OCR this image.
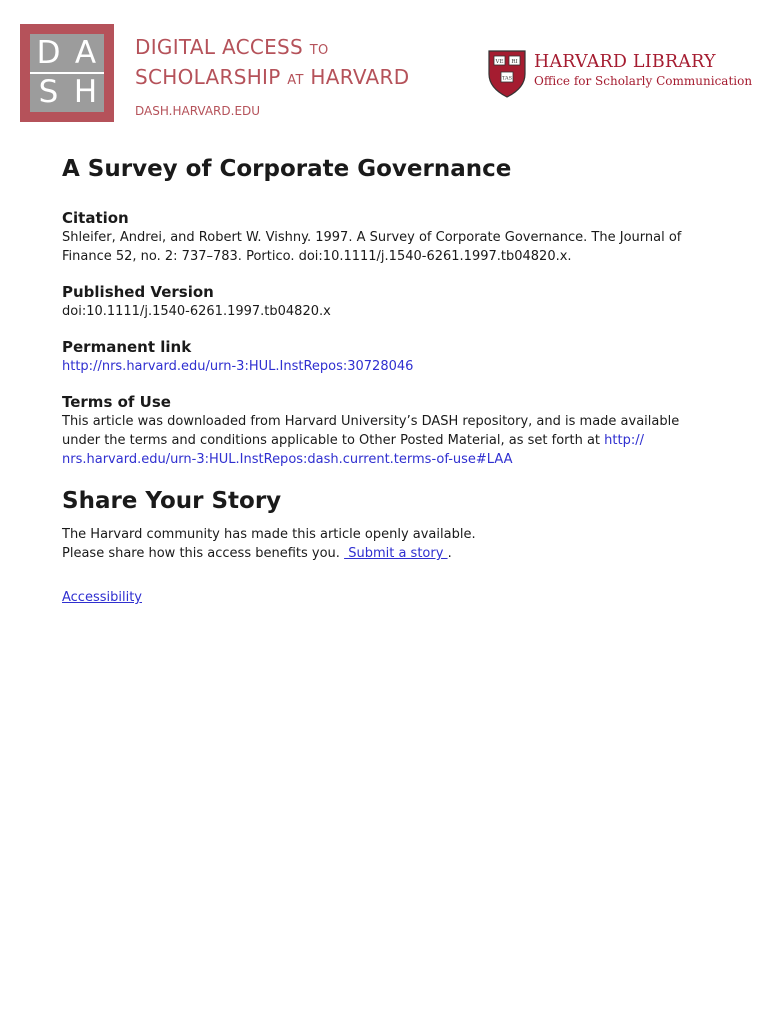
D A
S H
DIGITAL ACCESS TO
SCHOLARSHIP AT HARVARD
DASH.HARVARD.EDU
VE RI
TAS
HARVARD LIBRARY
Office for Scholarly Communication
A Survey of Corporate Governance
Citation

Shleifer, Andrei, and Robert W. Vishny. 1997. A Survey of Corporate Governance. The Journal of Finance 52, no. 2: 737–783. Portico. doi:10.1111/j.1540-6261.1997.tb04820.x.

Published Version

doi:10.1111/j.1540-6261.1997.tb04820.x

Permanent link

http://nrs.harvard.edu/urn-3:HUL.InstRepos:30728046

Terms of Use

This article was downloaded from Harvard University’s DASH repository, and is made available under the terms and conditions applicable to Other Posted Material, as set forth at http://
nrs.harvard.edu/urn-3:HUL.InstRepos:dash.current.terms-of-use#LAA

Share Your Story

The Harvard community has made this article openly available.

Please share how this access benefits you.  Submit a story .

Accessibility
